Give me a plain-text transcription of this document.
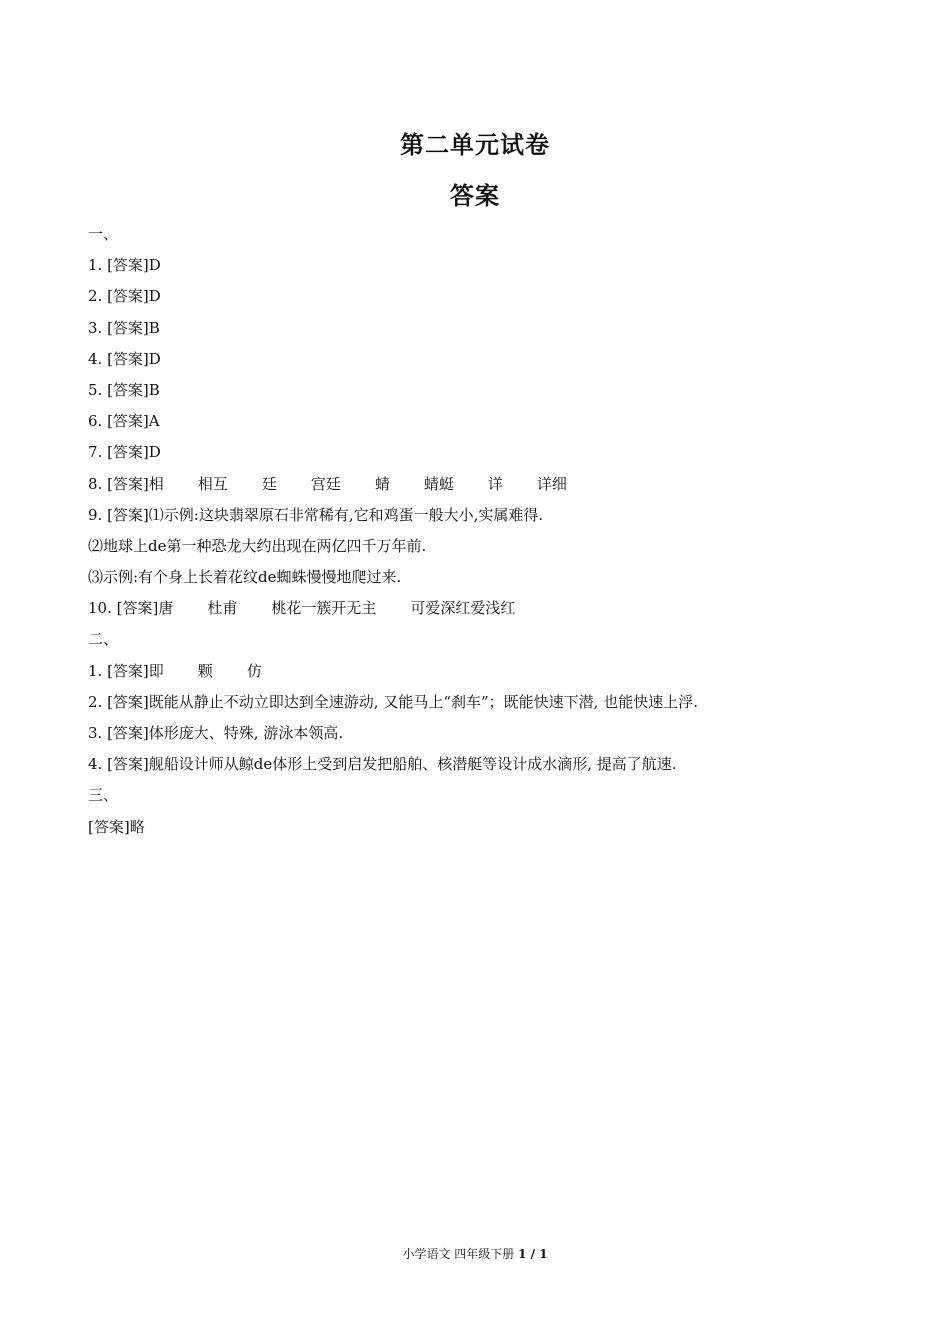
第二单元试卷
答案
一、
1. [答案]D
2. [答案]D
3. [答案]B
4. [答案]D
5. [答案]B
6. [答案]A
7. [答案]D
8. [答案]相 相互 廷 宫廷 蜻 蜻蜓 详 详细
9. [答案]⑴示例:这块翡翠原石非常稀有,它和鸡蛋一般大小,实属难得.
⑵地球上de第一种恐龙大约出现在两亿四千万年前.
⑶示例:有个身上长着花纹de蜘蛛慢慢地爬过来.
10. [答案]唐 杜甫 桃花一簇开无主 可爱深红爱浅红
二、
1. [答案]即 颗 仿
2. [答案]既能从静止不动立即达到全速游动, 又能马上“刹车”；既能快速下潜, 也能快速上浮.
3. [答案]体形庞大、特殊, 游泳本领高.
4. [答案]舰船设计师从鲸de体形上受到启发把船舶、核潜艇等设计成水滴形, 提高了航速.
三、
[答案]略
小学语文 四年级下册 1 / 1
